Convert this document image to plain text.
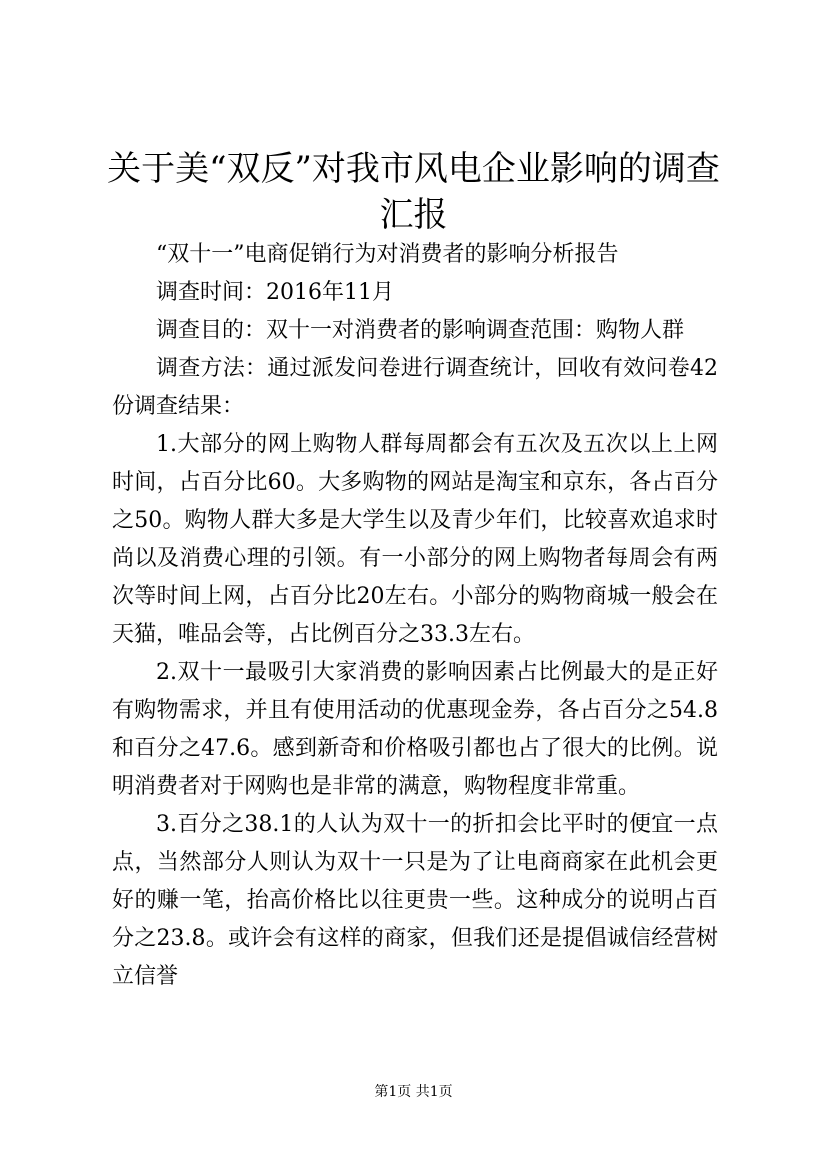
关于美“双反”对我市风电企业影响的调查汇报

“双十一”电商促销行为对消费者的影响分析报告

调查时间：2016年11月

调查目的：双十一对消费者的影响调查范围：购物人群

调查方法：通过派发问卷进行调查统计，回收有效问卷42份调查结果：

1.大部分的网上购物人群每周都会有五次及五次以上上网时间，占百分比60。大多购物的网站是淘宝和京东，各占百分之50。购物人群大多是大学生以及青少年们，比较喜欢追求时尚以及消费心理的引领。有一小部分的网上购物者每周会有两次等时间上网，占百分比20左右。小部分的购物商城一般会在天猫，唯品会等，占比例百分之33.3左右。

2.双十一最吸引大家消费的影响因素占比例最大的是正好有购物需求，并且有使用活动的优惠现金券，各占百分之54.8和百分之47.6。感到新奇和价格吸引都也占了很大的比例。说明消费者对于网购也是非常的满意，购物程度非常重。

3.百分之38.1的人认为双十一的折扣会比平时的便宜一点点，当然部分人则认为双十一只是为了让电商商家在此机会更好的赚一笔，抬高价格比以往更贵一些。这种成分的说明占百分之23.8。或许会有这样的商家，但我们还是提倡诚信经营树立信誉

第1页 共1页
